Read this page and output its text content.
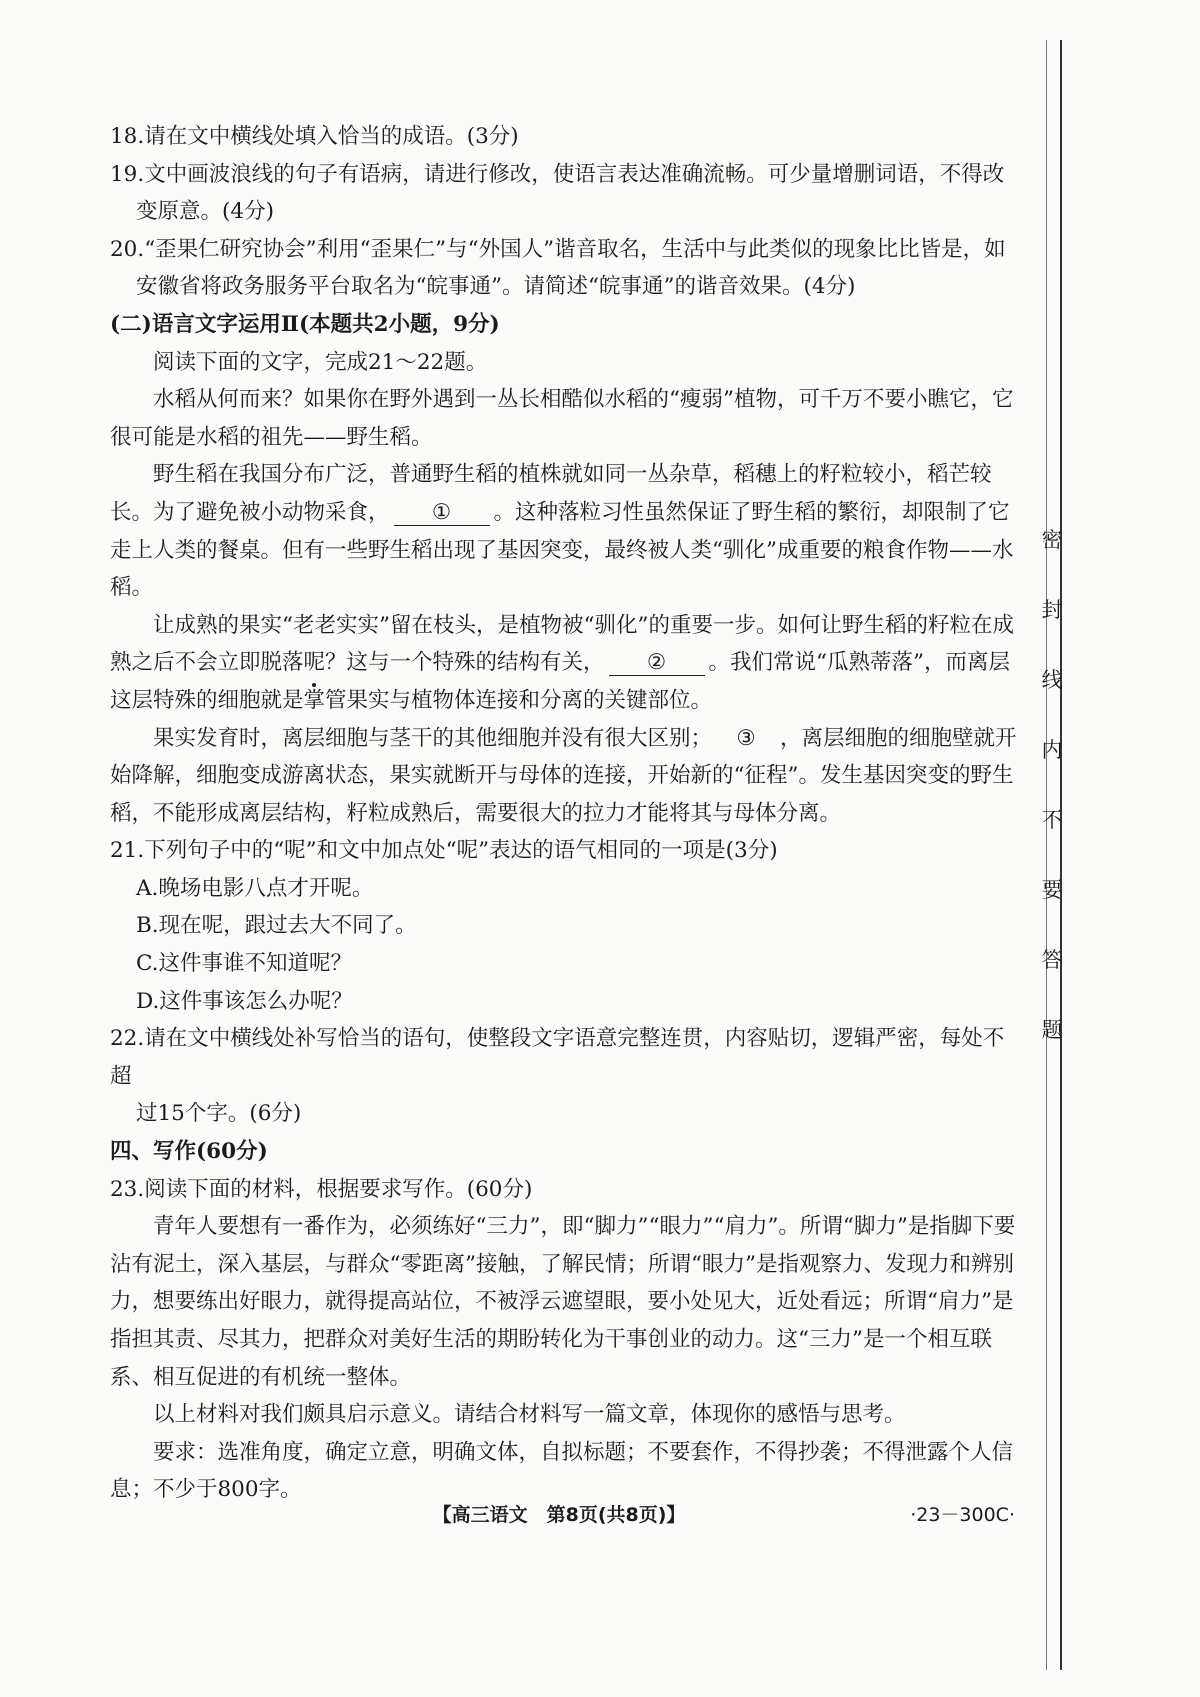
18.请在文中横线处填入恰当的成语。(3分)

19.文中画波浪线的句子有语病，请进行修改，使语言表达准确流畅。可少量增删词语，不得改

变原意。(4分)

20.“歪果仁研究协会”利用“歪果仁”与“外国人”谐音取名，生活中与此类似的现象比比皆是，如

安徽省将政务服务平台取名为“皖事通”。请简述“皖事通”的谐音效果。(4分)

(二)语言文字运用Ⅱ(本题共2小题，9分)

阅读下面的文字，完成21～22题。

水稻从何而来？如果你在野外遇到一丛长相酷似水稻的“瘦弱”植物，可千万不要小瞧它，它很可能是水稻的祖先——野生稻。

野生稻在我国分布广泛，普通野生稻的植株就如同一丛杂草，稻穗上的籽粒较小，稻芒较长。为了避免被小动物采食， ① 。这种落粒习性虽然保证了野生稻的繁衍，却限制了它走上人类的餐桌。但有一些野生稻出现了基因突变，最终被人类“驯化”成重要的粮食作物——水稻。

让成熟的果实“老老实实”留在枝头，是植物被“驯化”的重要一步。如何让野生稻的籽粒在成熟之后不会立即脱落呢？这与一个特殊的结构有关， ② 。我们常说“瓜熟蒂落”，而离层这层特殊的细胞就是掌管果实与植物体连接和分离的关键部位。

果实发育时，离层细胞与茎干的其他细胞并没有很大区别； ③ ，离层细胞的细胞壁就开始降解，细胞变成游离状态，果实就断开与母体的连接，开始新的“征程”。发生基因突变的野生稻，不能形成离层结构，籽粒成熟后，需要很大的拉力才能将其与母体分离。

21.下列句子中的“呢”和文中加点处“呢”表达的语气相同的一项是(3分)

A.晚场电影八点才开呢。

B.现在呢，跟过去大不同了。

C.这件事谁不知道呢？

D.这件事该怎么办呢？

22.请在文中横线处补写恰当的语句，使整段文字语意完整连贯，内容贴切，逻辑严密，每处不超

过15个字。(6分)

四、写作(60分)

23.阅读下面的材料，根据要求写作。(60分)

青年人要想有一番作为，必须练好“三力”，即“脚力”“眼力”“肩力”。所谓“脚力”是指脚下要沾有泥土，深入基层，与群众“零距离”接触，了解民情；所谓“眼力”是指观察力、发现力和辨别力，想要练出好眼力，就得提高站位，不被浮云遮望眼，要小处见大，近处看远；所谓“肩力”是指担其责、尽其力，把群众对美好生活的期盼转化为干事创业的动力。这“三力”是一个相互联系、相互促进的有机统一整体。

以上材料对我们颇具启示意义。请结合材料写一篇文章，体现你的感悟与思考。

要求：选准角度，确定立意，明确文体，自拟标题；不要套作，不得抄袭；不得泄露个人信息；不少于800字。

密
封
线
内
不
要
答
题
【高三语文　第8页(共8页)】	·23－300C·
